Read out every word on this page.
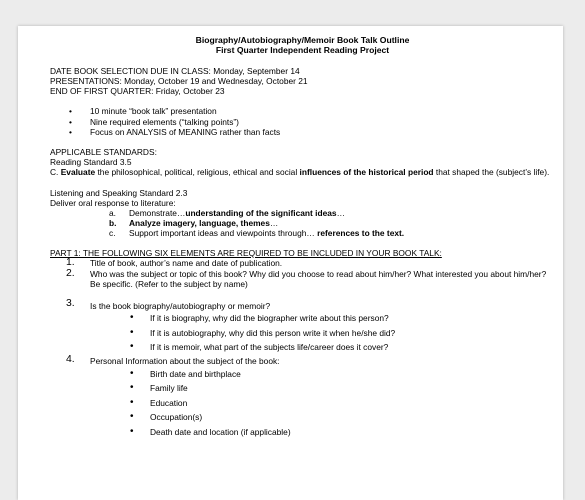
Biography/Autobiography/Memoir Book Talk Outline
First Quarter Independent Reading Project
DATE BOOK SELECTION DUE IN CLASS: Monday, September 14
PRESENTATIONS: Monday, October 19 and Wednesday, October 21
END OF FIRST QUARTER: Friday, October 23
• 10 minute “book talk” presentation
• Nine required elements (“talking points”)
• Focus on ANALYSIS of MEANING rather than facts
APPLICABLE STANDARDS:
Reading Standard 3.5
C. Evaluate the philosophical, political, religious, ethical and social influences of the historical period that shaped the (subject’s life).
Listening and Speaking Standard 2.3
Deliver oral response to literature:
a.	Demonstrate…understanding of the significant ideas…
b.	Analyze imagery, language, themes…
c.	Support important ideas and viewpoints through… references to the text.
PART 1: THE FOLLOWING SIX ELEMENTS ARE REQUIRED TO BE INCLUDED IN YOUR BOOK TALK:
1.	Title of book, author’s name and date of publication.
2.	Who was the subject or topic of this book? Why did you choose to read about him/her? What interested you about him/her? Be specific. (Refer to the subject by name)
3.	Is the book biography/autobiography or memoir?
• If it is biography, why did the biographer write about this person?
• If it is autobiography, why did this person write it when he/she did?
• If it is memoir, what part of the subjects life/career does it cover?
4.	Personal Information about the subject of the book:
• Birth date and birthplace
• Family life
• Education
• Occupation(s)
• Death date and location (if applicable)
